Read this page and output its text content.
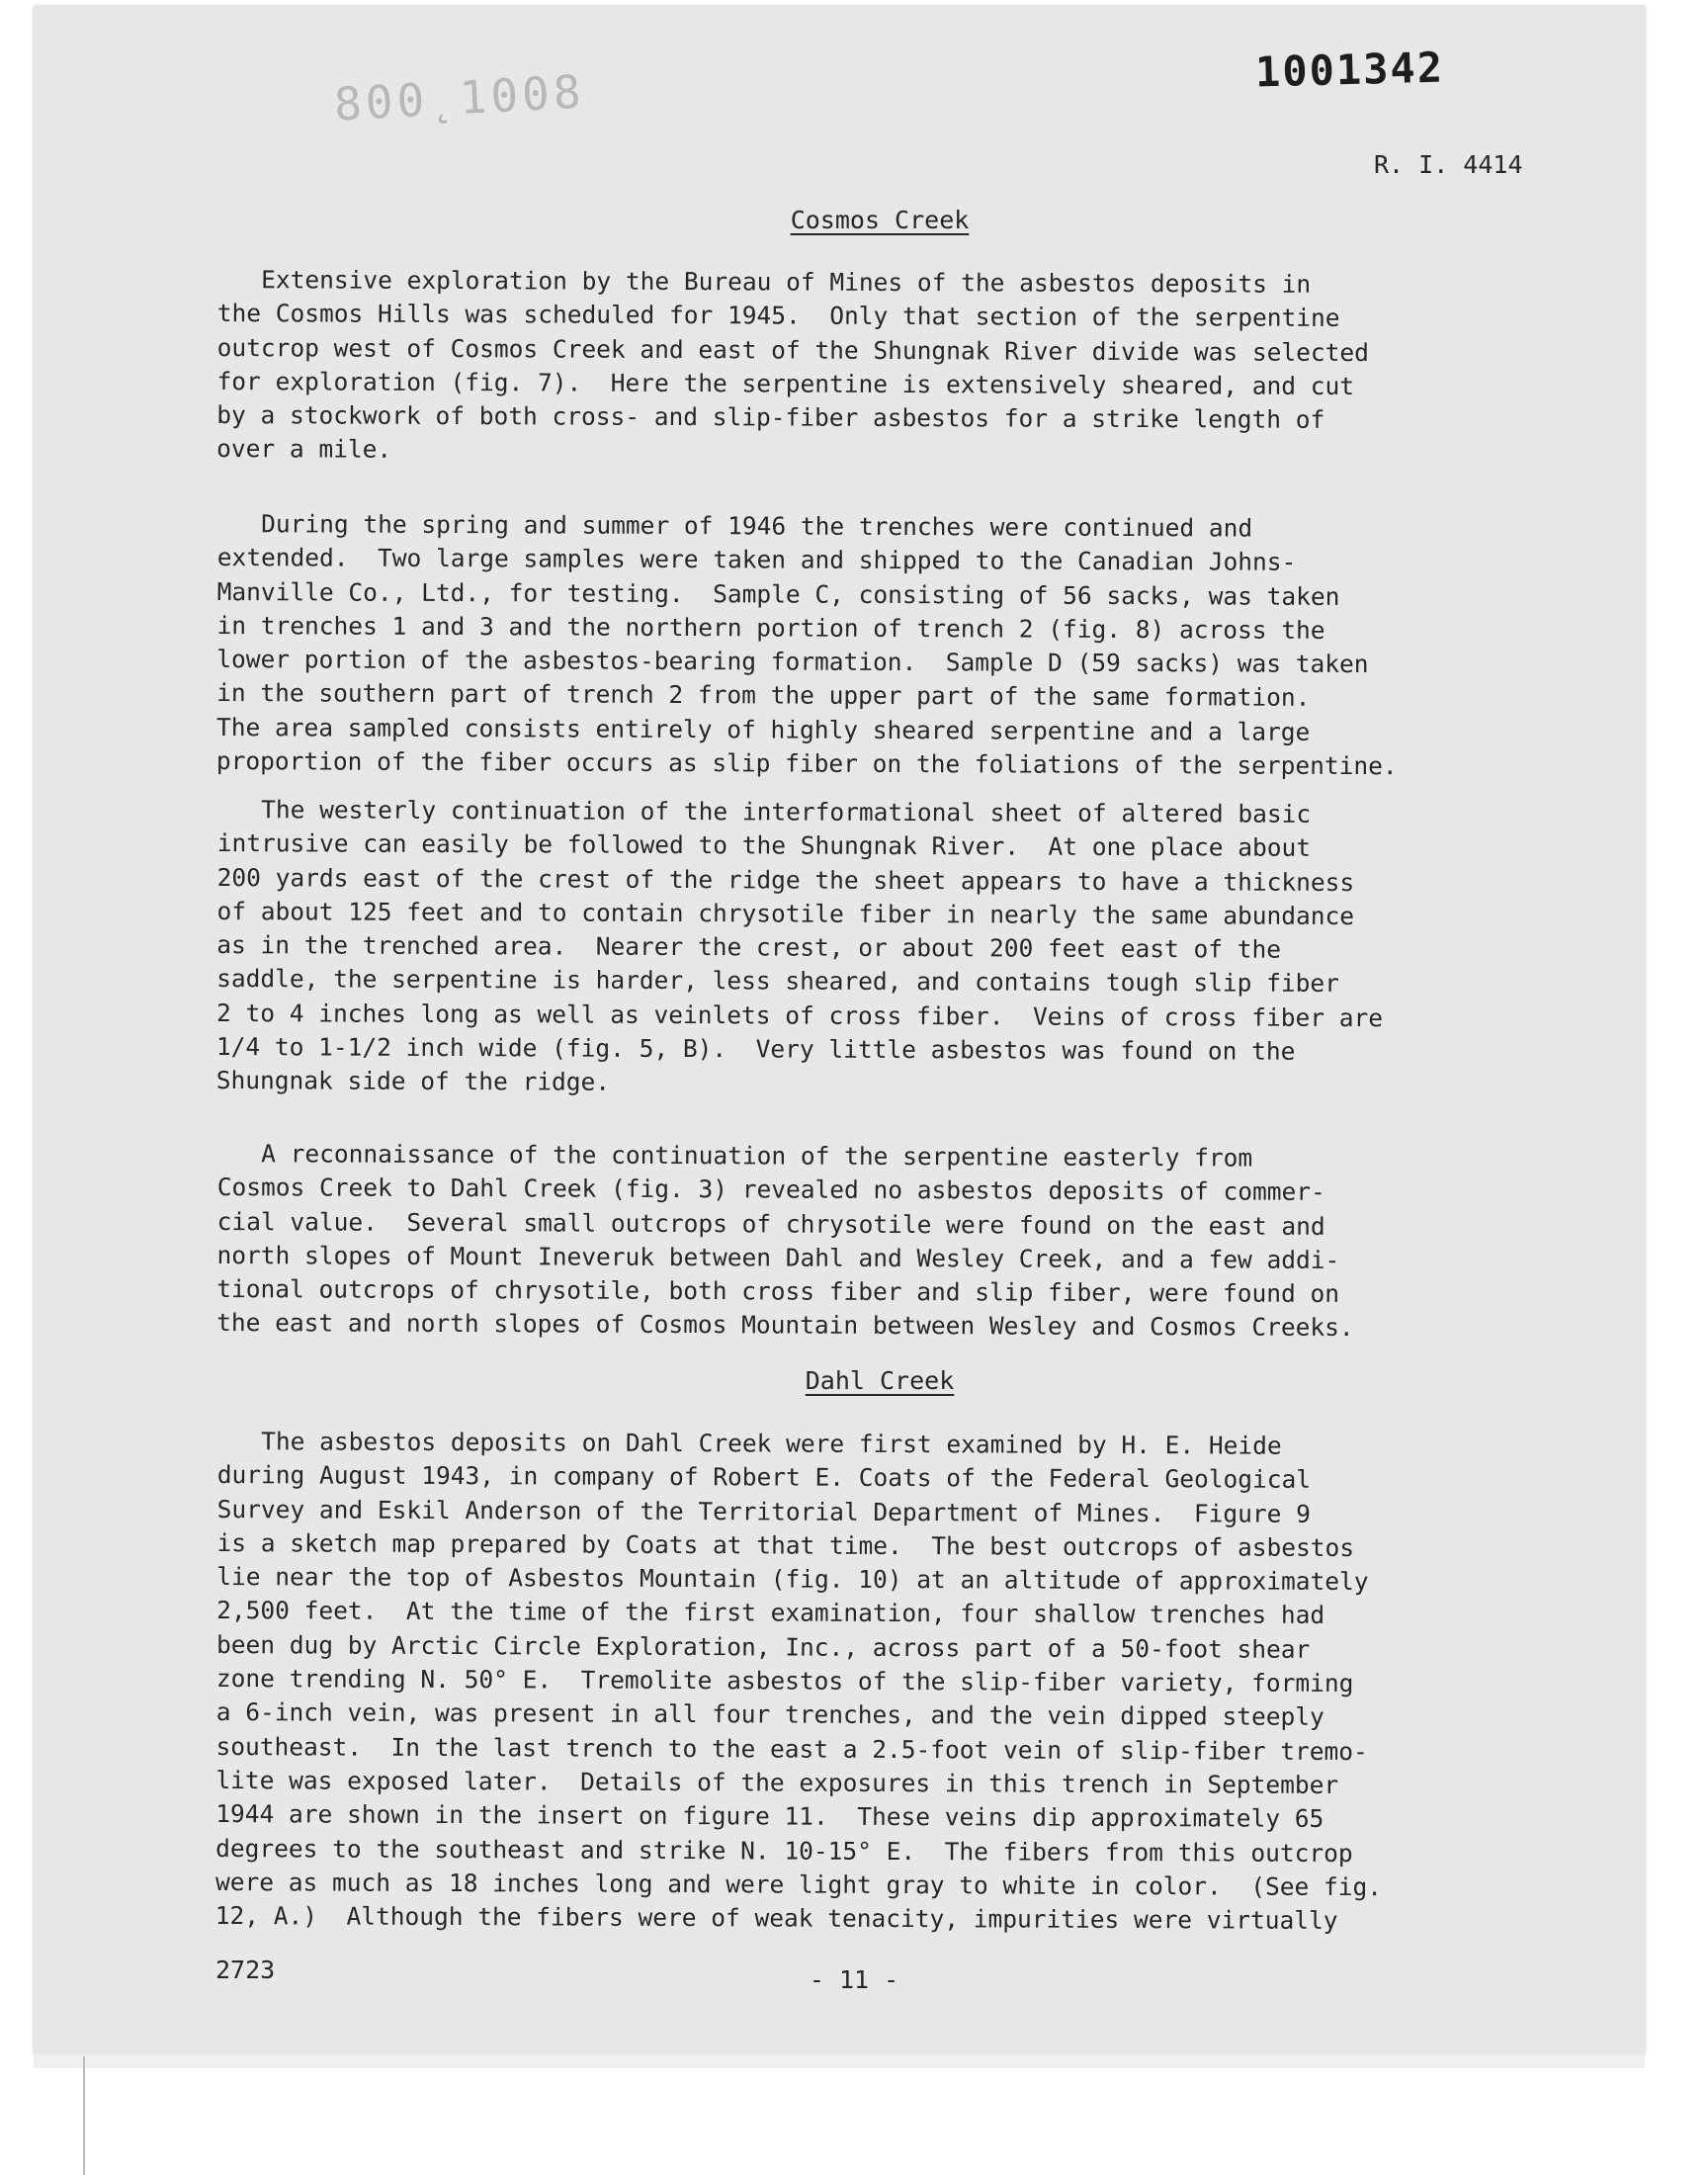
800˛1008	1001342
R. I. 4414
Cosmos Creek
Extensive exploration by the Bureau of Mines of the asbestos deposits in
the Cosmos Hills was scheduled for 1945.  Only that section of the serpentine
outcrop west of Cosmos Creek and east of the Shungnak River divide was selected
for exploration (fig. 7).  Here the serpentine is extensively sheared, and cut
by a stockwork of both cross- and slip-fiber asbestos for a strike length of
over a mile.
During the spring and summer of 1946 the trenches were continued and
extended.  Two large samples were taken and shipped to the Canadian Johns-
Manville Co., Ltd., for testing.  Sample C, consisting of 56 sacks, was taken
in trenches 1 and 3 and the northern portion of trench 2 (fig. 8) across the
lower portion of the asbestos-bearing formation.  Sample D (59 sacks) was taken
in the southern part of trench 2 from the upper part of the same formation.
The area sampled consists entirely of highly sheared serpentine and a large
proportion of the fiber occurs as slip fiber on the foliations of the serpentine.
The westerly continuation of the interformational sheet of altered basic
intrusive can easily be followed to the Shungnak River.  At one place about
200 yards east of the crest of the ridge the sheet appears to have a thickness
of about 125 feet and to contain chrysotile fiber in nearly the same abundance
as in the trenched area.  Nearer the crest, or about 200 feet east of the
saddle, the serpentine is harder, less sheared, and contains tough slip fiber
2 to 4 inches long as well as veinlets of cross fiber.  Veins of cross fiber are
1/4 to 1-1/2 inch wide (fig. 5, B).  Very little asbestos was found on the
Shungnak side of the ridge.
A reconnaissance of the continuation of the serpentine easterly from
Cosmos Creek to Dahl Creek (fig. 3) revealed no asbestos deposits of commer-
cial value.  Several small outcrops of chrysotile were found on the east and
north slopes of Mount Ineveruk between Dahl and Wesley Creek, and a few addi-
tional outcrops of chrysotile, both cross fiber and slip fiber, were found on
the east and north slopes of Cosmos Mountain between Wesley and Cosmos Creeks.
Dahl Creek
The asbestos deposits on Dahl Creek were first examined by H. E. Heide
during August 1943, in company of Robert E. Coats of the Federal Geological
Survey and Eskil Anderson of the Territorial Department of Mines.  Figure 9
is a sketch map prepared by Coats at that time.  The best outcrops of asbestos
lie near the top of Asbestos Mountain (fig. 10) at an altitude of approximately
2,500 feet.  At the time of the first examination, four shallow trenches had
been dug by Arctic Circle Exploration, Inc., across part of a 50-foot shear
zone trending N. 50° E.  Tremolite asbestos of the slip-fiber variety, forming
a 6-inch vein, was present in all four trenches, and the vein dipped steeply
southeast.  In the last trench to the east a 2.5-foot vein of slip-fiber tremo-
lite was exposed later.  Details of the exposures in this trench in September
1944 are shown in the insert on figure 11.  These veins dip approximately 65
degrees to the southeast and strike N. 10-15° E.  The fibers from this outcrop
were as much as 18 inches long and were light gray to white in color.  (See fig.
12, A.)  Although the fibers were of weak tenacity, impurities were virtually
2723	- 11 -
